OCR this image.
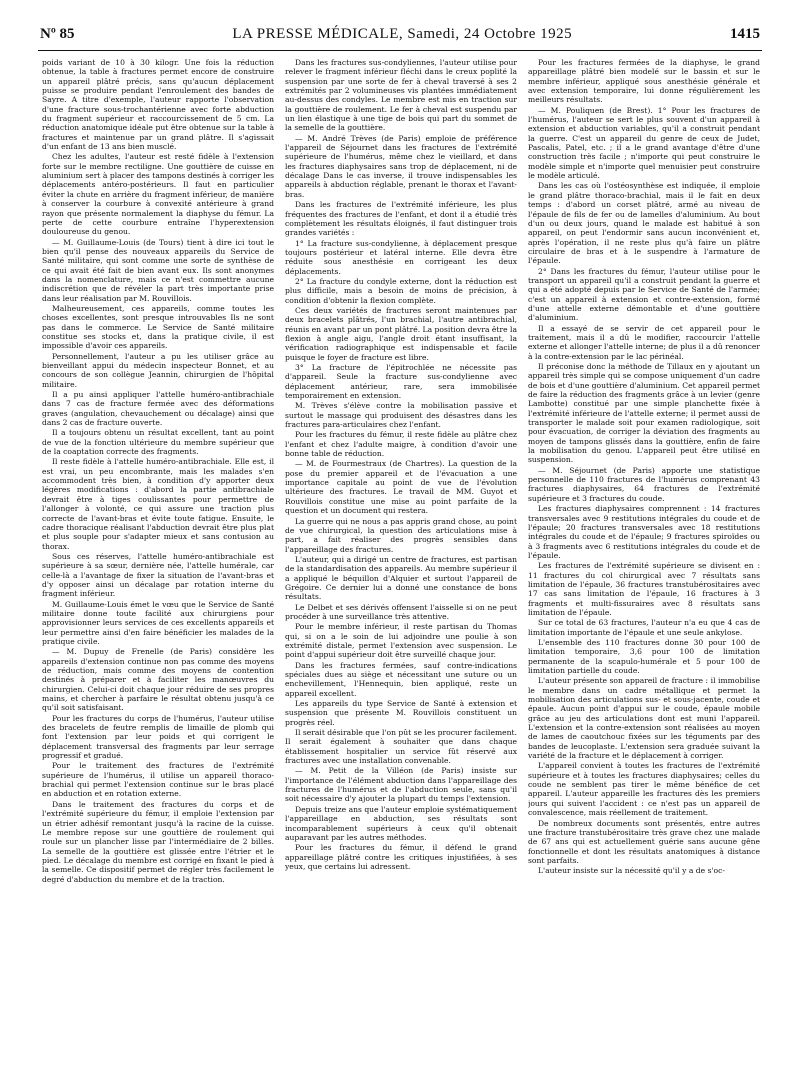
Nº 85	LA PRESSE MÉDICALE, Samedi, 24 Octobre 1925	1415

poids variant de 10 à 30 kilogr. Une fois la réduction obtenue, la table à fractures permet encore de construire un appareil plâtré précis, sans qu'aucun déplacement puisse se produire pendant l'enroulement des bandes de Sayre. A titre d'exemple, l'auteur rapporte l'observation d'une fracture sous-trochantérienne avec forte abduction du fragment supérieur et raccourcissement de 5 cm. La réduction anatomique idéale put être obtenue sur la table à fractures et maintenue par un grand plâtre. Il s'agissait d'un enfant de 13 ans bien musclé.

Chez les adultes, l'auteur est resté fidèle à l'extension forte sur le membre rectiligne. Une gouttière de cuisse en aluminium sert à placer des tampons destinés à corriger les déplacements antéro-postérieurs. Il faut en particulier éviter la chute en arrière du fragment inférieur, de manière à conserver la courbure à convexité antérieure à grand rayon que présente normalement la diaphyse du fémur. La perte de cette courbure entraîne l'hyperextension douloureuse du genou.

— M. Guillaume-Louis (de Tours) tient à dire ici tout le bien qu'il pense des nouveaux appareils du Service de Santé militaire, qui sont comme une sorte de synthèse de ce qui avait été fait de bien avant eux. Ils sont anonymes dans la nomenclature, mais ce n'est commettre aucune indiscrétion que de révéler la part très importante prise dans leur réalisation par M. Rouvillois.

Malheureusement, ces appareils, comme toutes les choses excellentes, sont presque introuvables Ils ne sont pas dans le commerce. Le Service de Santé militaire constitue ses stocks et, dans la pratique civile, il est impossible d'avoir ces appareils.

Personnellement, l'auteur a pu les utiliser grâce au bienveillant appui du médecin inspecteur Bonnet, et au concours de son collègue Jeannin, chirurgien de l'hôpital militaire.

Il a pu ainsi appliquer l'attelle huméro-antibrachiale dans 7 cas de fracture fermée avec des déformations graves (angulation, chevauchement ou décalage) ainsi que dans 2 cas de fracture ouverte.

Il a toujours obtenu un résultat excellent, tant au point de vue de la fonction ultérieure du membre supérieur que de la coaptation correcte des fragments.

Il reste fidèle à l'attelle huméro-antibrachiale. Elle est, il est vrai, un peu encombrante, mais les malades s'en accommodent très bien, à condition d'y apporter deux légères modifications : d'abord la partie antibrachiale devrait être à tiges coulissantes pour permettre de l'allonger à volonté, ce qui assure une traction plus correcte de l'avant-bras et évite toute fatigue. Ensuite, le cadre thoracique réalisant l'abduction devrait être plus plat et plus souple pour s'adapter mieux et sans contusion au thorax.

Sous ces réserves, l'attelle huméro-antibrachiale est supérieure à sa sœur, dernière née, l'attelle humérale, car celle-là a l'avantage de fixer la situation de l'avant-bras et d'y opposer ainsi un décalage par rotation interne du fragment inférieur.

M. Guillaume-Louis émet le vœu que le Service de Santé militaire donne toute facilité aux chirurgiens pour approvisionner leurs services de ces excellents appareils et leur permettre ainsi d'en faire bénéficier les malades de la pratique civile.

— M. Dupuy de Frenelle (de Paris) considère les appareils d'extension continue non pas comme des moyens de réduction, mais comme des moyens de contention destinés à préparer et à faciliter les manœuvres du chirurgien. Celui-ci doit chaque jour réduire de ses propres mains, et chercher à parfaire le résultat obtenu jusqu'à ce qu'il soit satisfaisant.

Pour les fractures du corps de l'humérus, l'auteur utilise des bracelets de feutre remplis de limaille de plomb qui font l'extension par leur poids et qui corrigent le déplacement transversal des fragments par leur serrage progressif et gradué.

Pour le traitement des fractures de l'extrémité supérieure de l'humérus, il utilise un appareil thoraco-brachial qui permet l'extension continue sur le bras placé en abduction et en rotation externe.

Dans le traitement des fractures du corps et de l'extrémité supérieure du fémur, il emploie l'extension par un étrier adhésif remontant jusqu'à la racine de la cuisse. Le membre repose sur une gouttière de roulement qui roule sur un plancher lisse par l'intermédiaire de 2 billes. La semelle de la gouttière est glissée entre l'étrier et le pied. Le décalage du membre est corrigé en fixant le pied à la semelle. Ce dispositif permet de régler très facilement le degré d'abduction du membre et de la traction.

Dans les fractures sus-condyliennes, l'auteur utilise pour relever le fragment inférieur fléchi dans le creux poplité la suspension par une sorte de fer à cheval traversé à ses 2 extrémités par 2 volumineuses vis plantées immédiatement au-dessus des condyles. Le membre est mis en traction sur la gouttière de roulement. Le fer à cheval est suspendu par un lien élastique à une tige de bois qui part du sommet de la semelle de la gouttière.

— M. André Trèves (de Paris) emploie de préférence l'appareil de Séjournet dans les fractures de l'extrémité supérieure de l'humérus, même chez le vieillard, et dans les fractures diaphysaires sans trop de déplacement, ni de décalage Dans le cas inverse, il trouve indispensables les appareils à abduction réglable, prenant le thorax et l'avant-bras.

Dans les fractures de l'extrémité inférieure, les plus fréquentes des fractures de l'enfant, et dont il a étudié très complètement les résultats éloignés, il faut distinguer trois grandes variétés :

1° La fracture sus-condylienne, à déplacement presque toujours postérieur et latéral interne. Elle devra être réduite sous anesthésie en corrigeant les deux déplacements.

2° La fracture du condyle externe, dont la réduction est plus difficile, mais a besoin de moins de précision, à condition d'obtenir la flexion complète.

Ces deux variétés de fractures seront maintenues par deux bracelets plâtrés, l'un brachial, l'autre antibrachial, réunis en avant par un pont plâtré. La position devra être la flexion à angle aigu, l'angle droit étant insuffisant, la vérification radiographique est indispensable et facile puisque le foyer de fracture est libre.

3° La fracture de l'épitrochlée ne nécessite pas d'appareil. Seule la fracture sus-condylienne avec déplacement antérieur, rare, sera immobilisée temporairement en extension.

M. Trèves s'élève contre la mobilisation passive et surtout le massage qui produisent des désastres dans les fractures para-articulaires chez l'enfant.

Pour les fractures du fémur, il reste fidèle au plâtre chez l'enfant et chez l'adulte maigre, à condition d'avoir une bonne table de réduction.

— M. de Fourmestraux (de Chartres). La question de la pose du premier appareil et de l'évacuation a une importance capitale au point de vue de l'évolution ultérieure des fractures. Le travail de MM. Guyot et Rouvillois constitue une mise au point parfaite de la question et un document qui restera.

La guerre qui ne nous a pas appris grand chose, au point de vue chirurgical, la question des articulations mise à part, a fait réaliser des progrès sensibles dans l'appareillage des fractures.

L'auteur, qui a dirigé un centre de fractures, est partisan de la standardisation des appareils. Au membre supérieur il a appliqué le béquillon d'Alquier et surtout l'appareil de Grégoire. Ce dernier lui a donné une constance de bons résultats.

Le Delbet et ses dérivés offensent l'aisselle si on ne peut procéder à une surveillance très attentive.

Pour le membre inférieur, il reste partisan du Thomas qui, si on a le soin de lui adjoindre une poulie à son extrémité distale, permet l'extension avec suspension. Le point d'appui supérieur doit être surveillé chaque jour.

Dans les fractures fermées, sauf contre-indications spéciales dues au siège et nécessitant une suture ou un enchevillement, l'Hennequin, bien appliqué, reste un appareil excellent.

Les appareils du type Service de Santé à extension et suspension que présente M. Rouvillois constituent un progrès réel.

Il serait désirable que l'on pût se les procurer facilement. Il serait également à souhaiter que dans chaque établissement hospitalier un service fût réservé aux fractures avec une installation convenable.

— M. Petit de la Villéon (de Paris) insiste sur l'importance de l'élément abduction dans l'appareillage des fractures de l'humérus et de l'abduction seule, sans qu'il soit nécessaire d'y ajouter la plupart du temps l'extension.

Depuis treize ans que l'auteur emploie systématiquement l'appareillage en abduction, ses résultats sont incomparablement supérieurs à ceux qu'il obtenait auparavant par les autres méthodes.

Pour les fractures du fémur, il défend le grand appareillage plâtré contre les critiques injustifiées, à ses yeux, que certains lui adressent.

Pour les fractures fermées de la diaphyse, le grand appareillage plâtré bien modelé sur le bassin et sur le membre inférieur, appliqué sous anesthésie générale et avec extension temporaire, lui donne régulièrement les meilleurs résultats.

— M. Pouliquen (de Brest). 1° Pour les fractures de l'humérus, l'auteur se sert le plus souvent d'un appareil à extension et abduction variables, qu'il a construit pendant la guerre. C'est un appareil du genre de ceux de Judet, Pascalis, Patel, etc. ; il a le grand avantage d'être d'une construction très facile ; n'importe qui peut construire le modèle simple et n'importe quel menuisier peut construire le modèle articulé.

Dans les cas où l'ostéosynthèse est indiquée, il emploie le grand plâtre thoraco-brachial, mais il le fait en deux temps : d'abord un corset plâtré, armé au niveau de l'épaule de fils de fer ou de lamelles d'aluminium. Au bout d'un ou deux jours, quand le malade est habitué à son appareil, on peut l'endormir sans aucun inconvénient et, après l'opération, il ne reste plus qu'à faire un plâtre circulaire de bras et à le suspendre à l'armature de l'épaule.

2° Dans les fractures du fémur, l'auteur utilise pour le transport un appareil qu'il a construit pendant la guerre et qui a été adopté depuis par le Service de Santé de l'armée; c'est un appareil à extension et contre-extension, formé d'une attelle externe démontable et d'une gouttière d'aluminium.

Il a essayé de se servir de cet appareil pour le traitement, mais il a dû le modifier, raccourcir l'attelle externe et allonger l'attelle interne; de plus il a dû renoncer à la contre-extension par le lac périnéal.

Il préconise donc la méthode de Tillaux en y ajoutant un appareil très simple qui se compose uniquement d'un cadre de bois et d'une gouttière d'aluminium. Cet appareil permet de faire la réduction des fragments grâce à un levier (genre Lambotte) constitué par une simple planchette fixée à l'extrémité inférieure de l'attelle externe; il permet aussi de transporter le malade soit pour examen radiologique, soit pour évacuation, de corriger la déviation des fragments au moyen de tampons glissés dans la gouttière, enfin de faire la mobilisation du genou. L'appareil peut être utilisé en suspension.

— M. Séjournet (de Paris) apporte une statistique personnelle de 110 fractures de l'humérus comprenant 43 fractures diaphysaires, 64 fractures de l'extrémité supérieure et 3 fractures du coude.

Les fractures diaphysaires comprennent : 14 fractures transversales avec 9 restitutions intégrales du coude et de l'épaule; 20 fractures transversales avec 18 restitutions intégrales du coude et de l'épaule; 9 fractures spiroïdes ou à 3 fragments avec 6 restitutions intégrales du coude et de l'épaule.

Les fractures de l'extrémité supérieure se divisent en : 11 fractures du col chirurgical avec 7 résultats sans limitation de l'épaule, 36 fractures transtubérositaires avec 17 cas sans limitation de l'épaule, 16 fractures à 3 fragments et multi-fissuraires avec 8 résultats sans limitation de l'épaule.

Sur ce total de 63 fractures, l'auteur n'a eu que 4 cas de limitation importante de l'épaule et une seule ankylose.

L'ensemble des 110 fractures donne 30 pour 100 de limitation temporaire, 3,6 pour 100 de limitation permanente de la scapulo-humérale et 5 pour 100 de limitation partielle du coude.

L'auteur présente son appareil de fracture : il immobilise le membre dans un cadre métallique et permet la mobilisation des articulations sus- et sous-jacente, coude et épaule. Aucun point d'appui sur le coude, épaule mobile grâce au jeu des articulations dont est muni l'appareil. L'extension et la contre-extension sont réalisées au moyen de lames de caoutchouc fixées sur les téguments par des bandes de leucoplaste. L'extension sera graduée suivant la variété de la fracture et le déplacement à corriger.

L'appareil convient à toutes les fractures de l'extrémité supérieure et à toutes les fractures diaphysaires; celles du coude ne semblent pas tirer le même bénéfice de cet appareil. L'auteur appareille les fractures dès les premiers jours qui suivent l'accident : ce n'est pas un appareil de convalescence, mais réellement de traitement.

De nombreux documents sont présentés, entre autres une fracture transtubérositaire très grave chez une malade de 67 ans qui est actuellement guérie sans aucune gêne fonctionnelle et dont les résultats anatomiques à distance sont parfaits.

L'auteur insiste sur la nécessité qu'il y a de s'oc-
